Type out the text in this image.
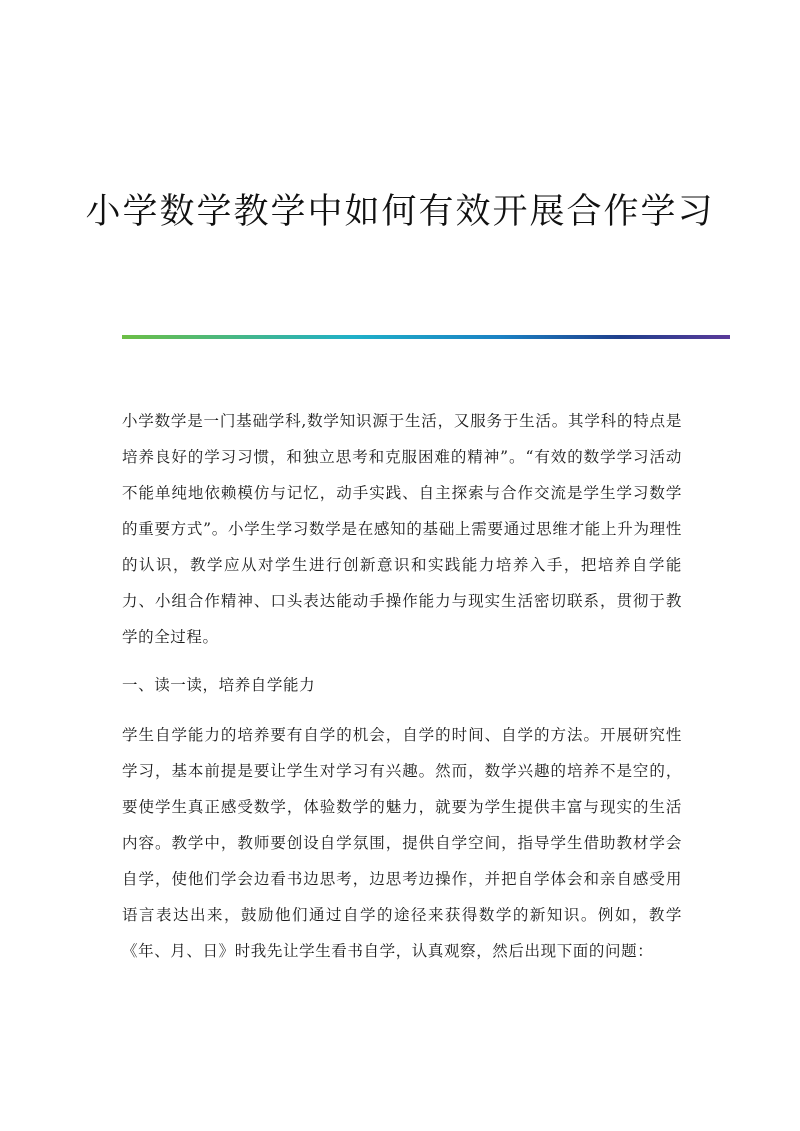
小学数学教学中如何有效开展合作学习

小学数学是一门基础学科,数学知识源于生活，又服务于生活。其学科的特点是培养良好的学习习惯，和独立思考和克服困难的精神”。“有效的数学学习活动不能单纯地依赖模仿与记忆，动手实践、自主探索与合作交流是学生学习数学的重要方式”。小学生学习数学是在感知的基础上需要通过思维才能上升为理性的认识，教学应从对学生进行创新意识和实践能力培养入手，把培养自学能力、小组合作精神、口头表达能动手操作能力与现实生活密切联系，贯彻于教学的全过程。

一、读一读，培养自学能力

学生自学能力的培养要有自学的机会，自学的时间、自学的方法。开展研究性学习，基本前提是要让学生对学习有兴趣。然而，数学兴趣的培养不是空的，要使学生真正感受数学，体验数学的魅力，就要为学生提供丰富与现实的生活内容。教学中，教师要创设自学氛围，提供自学空间，指导学生借助教材学会自学，使他们学会边看书边思考，边思考边操作，并把自学体会和亲自感受用语言表达出来，鼓励他们通过自学的途径来获得数学的新知识。例如，教学《年、月、日》时我先让学生看书自学，认真观察，然后出现下面的问题：
